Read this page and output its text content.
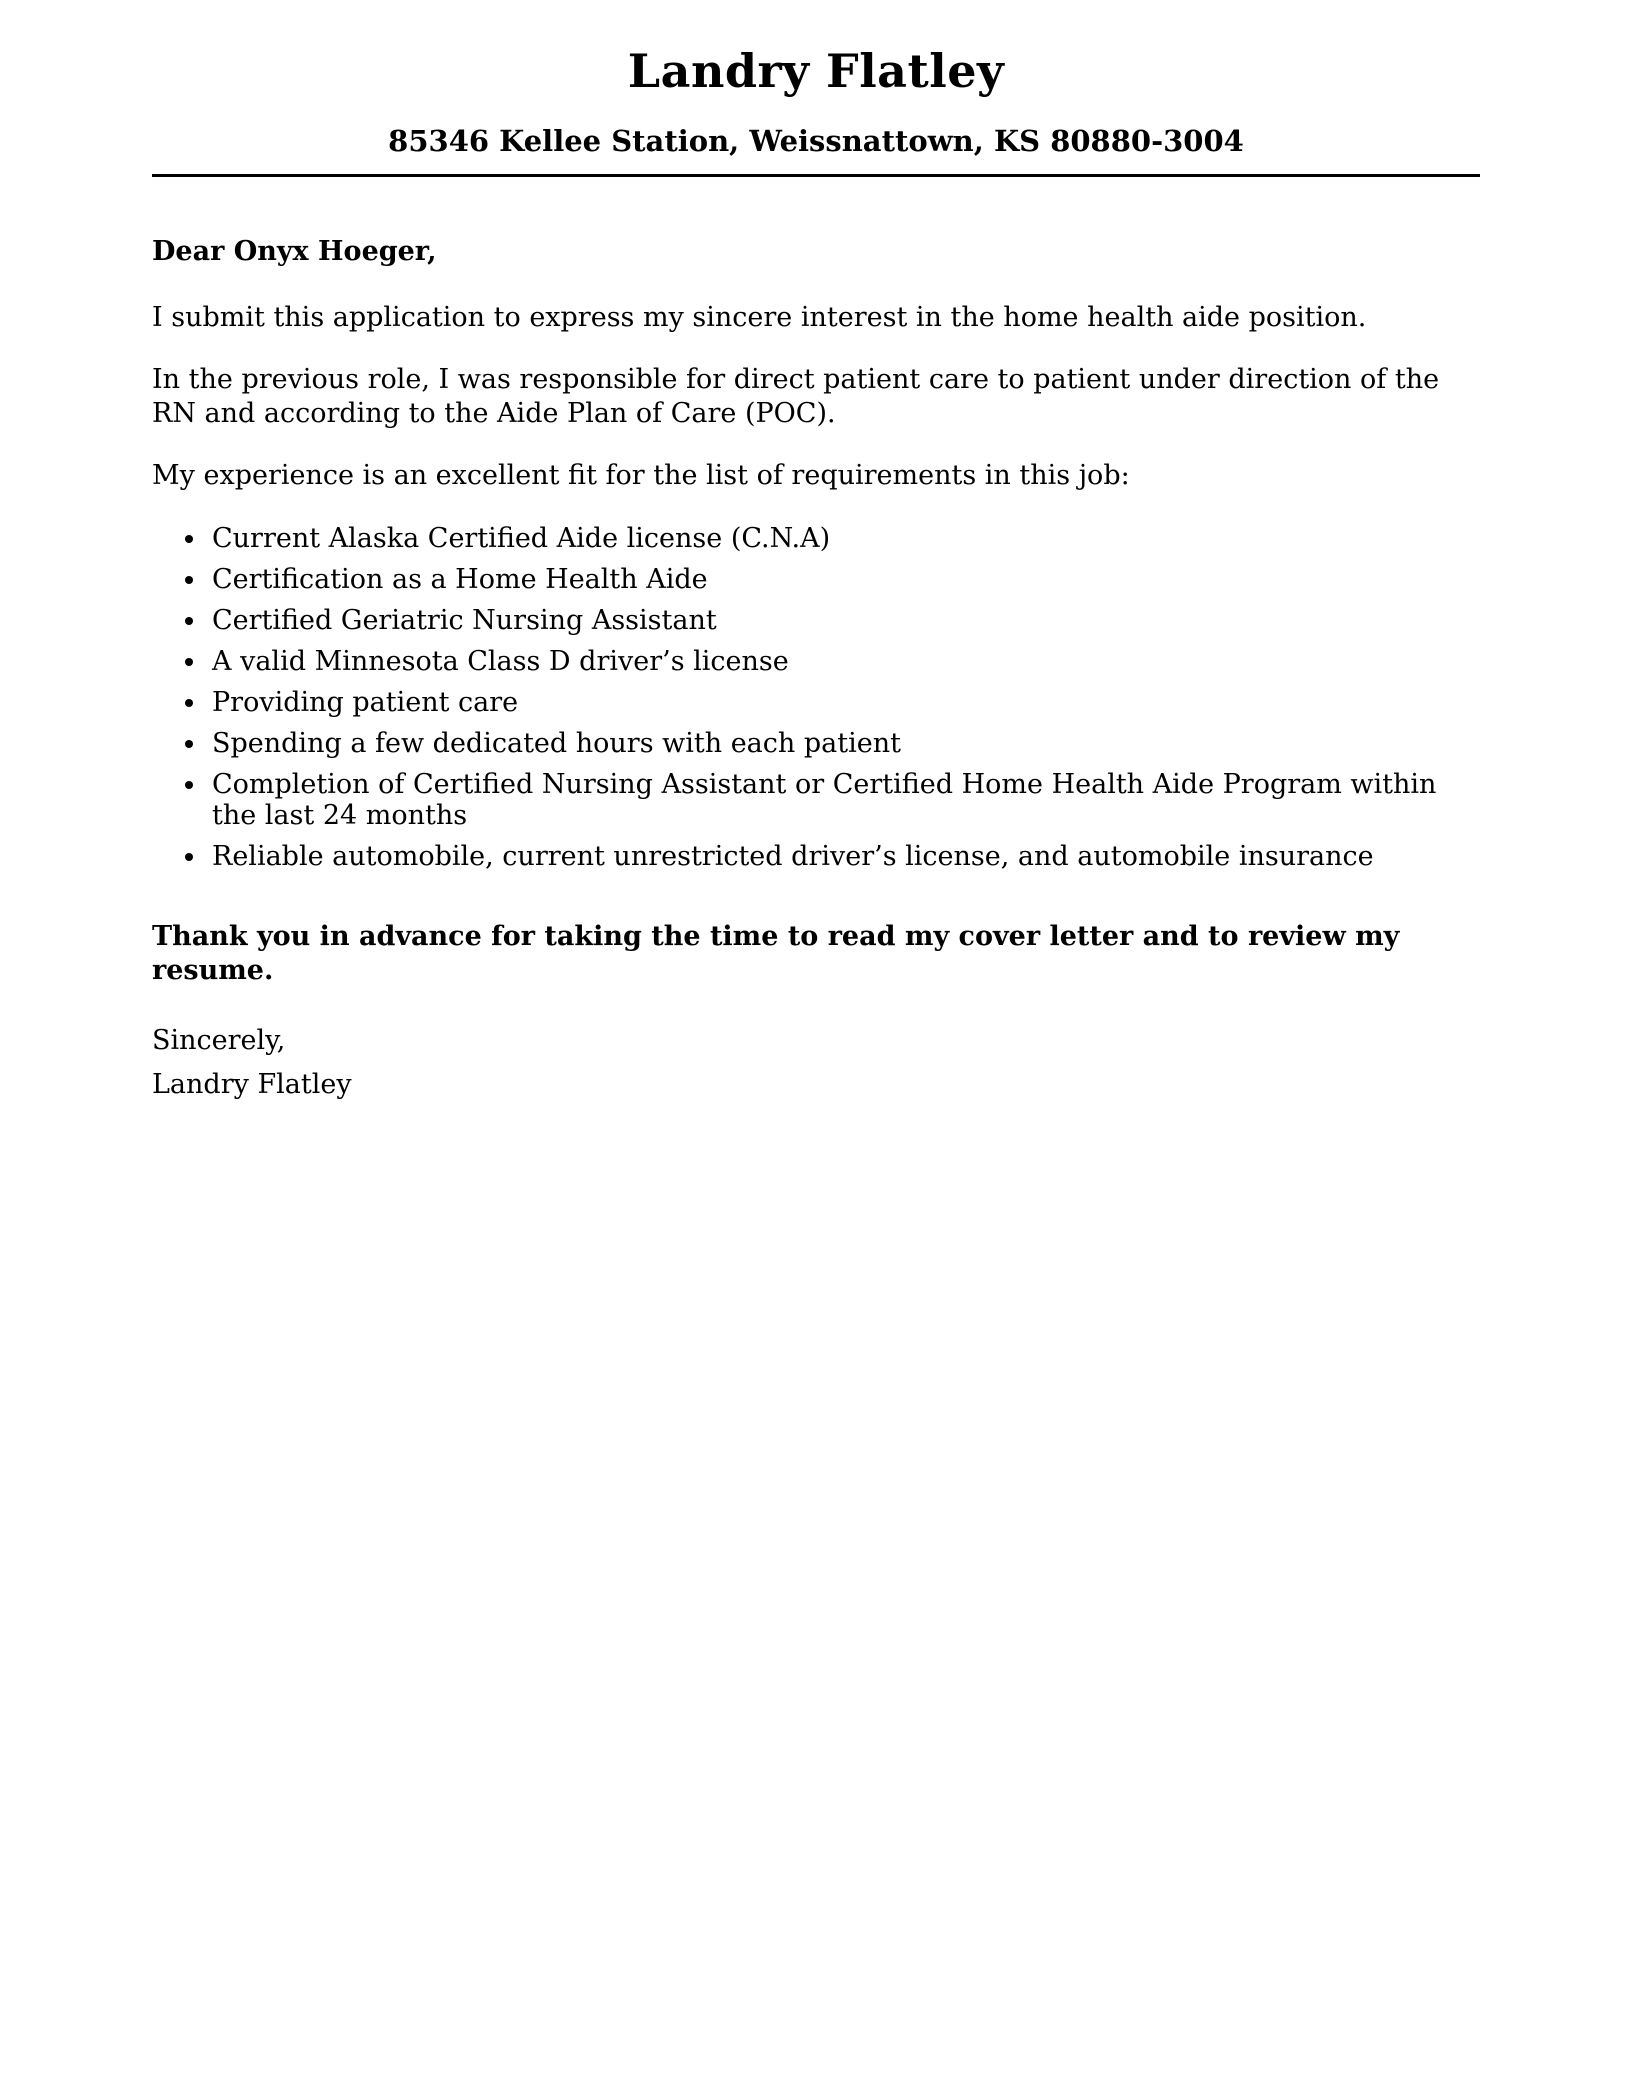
Landry Flatley
85346 Kellee Station, Weissnattown, KS 80880-3004

Dear Onyx Hoeger,

I submit this application to express my sincere interest in the home health aide position.

In the previous role, I was responsible for direct patient care to patient under direction of the RN and according to the Aide Plan of Care (POC).

My experience is an excellent fit for the list of requirements in this job:

• Current Alaska Certified Aide license (C.N.A)
• Certification as a Home Health Aide
• Certified Geriatric Nursing Assistant
• A valid Minnesota Class D driver’s license
• Providing patient care
• Spending a few dedicated hours with each patient
• Completion of Certified Nursing Assistant or Certified Home Health Aide Program within the last 24 months
• Reliable automobile, current unrestricted driver’s license, and automobile insurance

Thank you in advance for taking the time to read my cover letter and to review my resume.

Sincerely,

Landry Flatley
